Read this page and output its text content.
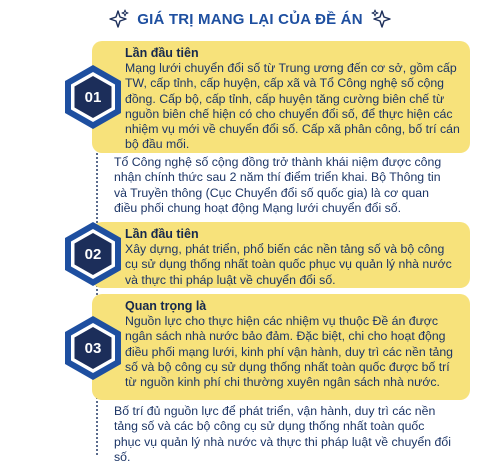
GIÁ TRỊ MANG LẠI CỦA ĐỀ ÁN
Lần đầu tiên
Mạng lưới chuyển đổi số từ Trung ương đến cơ sở, gồm cấp TW, cấp tỉnh, cấp huyện, cấp xã và Tổ Công nghệ số cộng đồng. Cấp bộ, cấp tỉnh, cấp huyện tăng cường biên chế từ nguồn biên chế hiện có cho chuyển đổi số, để thực hiện các nhiệm vụ mới về chuyển đổi số. Cấp xã phân công, bố trí cán bộ đầu mối.
01
Tổ Công nghệ số cộng đồng trở thành khái niệm được công nhận chính thức sau 2 năm thí điểm triển khai. Bộ Thông tin và Truyền thông (Cục Chuyển đổi số quốc gia) là cơ quan điều phối chung hoạt động Mạng lưới chuyển đổi số.
Lần đầu tiên
Xây dựng, phát triển, phổ biến các nền tảng số và bộ công cụ sử dụng thống nhất toàn quốc phục vụ quản lý nhà nước và thực thi pháp luật về chuyển đổi số.
02
Quan trọng là
Nguồn lực cho thực hiện các nhiệm vụ thuộc Đề án được ngân sách nhà nước bảo đảm. Đặc biệt, chi cho hoạt động điều phối mạng lưới, kinh phí vận hành, duy trì các nền tảng số và bộ công cụ sử dụng thống nhất toàn quốc được bố trí từ nguồn kinh phí chi thường xuyên ngân sách nhà nước.
03
Bố trí đủ nguồn lực để phát triển, vận hành, duy trì các nền tảng số và các bộ công cụ sử dụng thống nhất toàn quốc phục vụ quản lý nhà nước và thực thi pháp luật về chuyển đổi số.
